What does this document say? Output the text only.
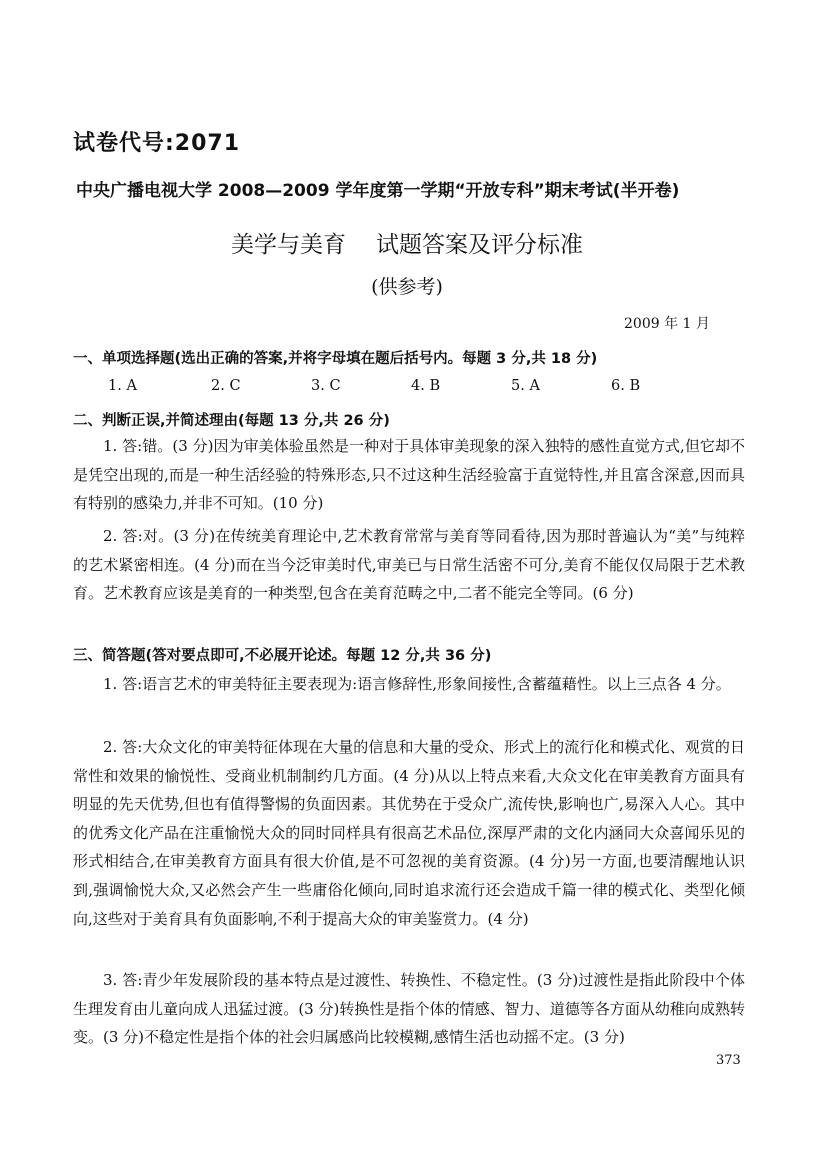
试卷代号:2071
中央广播电视大学 2008—2009 学年度第一学期“开放专科”期末考试(半开卷)
美学与美育 试题答案及评分标准
(供参考)
2009 年 1 月
一、单项选择题(选出正确的答案,并将字母填在题后括号内。每题 3 分,共 18 分)
1. A	2. C	3. C	4. B	5. A	6. B
二、判断正误,并简述理由(每题 13 分,共 26 分)

1. 答:错。(3 分)因为审美体验虽然是一种对于具体审美现象的深入独特的感性直觉方式,但它却不是凭空出现的,而是一种生活经验的特殊形态,只不过这种生活经验富于直觉特性,并且富含深意,因而具有特别的感染力,并非不可知。(10 分)

2. 答:对。(3 分)在传统美育理论中,艺术教育常常与美育等同看待,因为那时普遍认为“美”与纯粹的艺术紧密相连。(4 分)而在当今泛审美时代,审美已与日常生活密不可分,美育不能仅仅局限于艺术教育。艺术教育应该是美育的一种类型,包含在美育范畴之中,二者不能完全等同。(6 分)

三、简答题(答对要点即可,不必展开论述。每题 12 分,共 36 分)

1. 答:语言艺术的审美特征主要表现为:语言修辞性,形象间接性,含蓄蕴藉性。以上三点各 4 分。

2. 答:大众文化的审美特征体现在大量的信息和大量的受众、形式上的流行化和模式化、观赏的日常性和效果的愉悦性、受商业机制制约几方面。(4 分)从以上特点来看,大众文化在审美教育方面具有明显的先天优势,但也有值得警惕的负面因素。其优势在于受众广,流传快,影响也广,易深入人心。其中的优秀文化产品在注重愉悦大众的同时同样具有很高艺术品位,深厚严肃的文化内涵同大众喜闻乐见的形式相结合,在审美教育方面具有很大价值,是不可忽视的美育资源。(4 分)另一方面,也要清醒地认识到,强调愉悦大众,又必然会产生一些庸俗化倾向,同时追求流行还会造成千篇一律的模式化、类型化倾向,这些对于美育具有负面影响,不利于提高大众的审美鉴赏力。(4 分)

3. 答:青少年发展阶段的基本特点是过渡性、转换性、不稳定性。(3 分)过渡性是指此阶段中个体生理发育由儿童向成人迅猛过渡。(3 分)转换性是指个体的情感、智力、道德等各方面从幼稚向成熟转变。(3 分)不稳定性是指个体的社会归属感尚比较模糊,感情生活也动摇不定。(3 分)

373
